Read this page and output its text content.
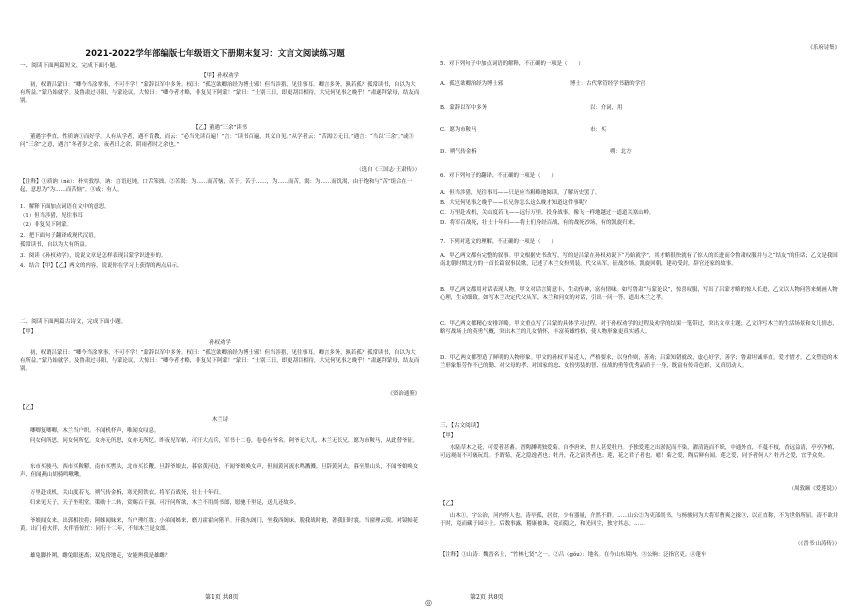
2021-2022学年部编版七年级语文下册期末复习：文言文阅读练习题

一、阅读下面两篇短文，完成下面小题。

【甲】孙权劝学

初，权谓吕蒙曰：“卿今当涂掌事，不可不学！”蒙辞以军中多务。权曰：“孤岂欲卿治经为博士邪！但当涉猎，见往事耳。卿言多务，孰若孤？孤常读书，自以为大有所益。”蒙乃始就学。及鲁肃过寻阳，与蒙论议，大惊曰：“卿今者才略，非复吴下阿蒙！”蒙曰：“士别三日，即更刮目相待，大兄何见事之晚乎！”肃遂拜蒙母，结友而别。

【乙】董遇“三余”读书

董遇字季直，性质讷①而好学。人有从学者，遇不肯教，而云：“必当先读百遍！”言：“读书百遍，其义自见。”从学者云：“苦渴②无日。”遇言：“当以‘三余’。”或③问“三余”之意，遇言“冬者岁之余，夜者日之余，阴雨者时之余也。”

（选自《三国志·王肃传》）

【注释】①质讷（nè）：朴实敦厚。讷：言语迟钝，口舌笨拙。②苦渴：为……而苦恼，苦于。苦于……，为……而苦。渴：为……而饥渴，由于饱和与“苦”组合在一起，意思为“为……而苦恼”。③或：有人。

1．解释下面加点词语在文中的意思。

（1）但当涉猎，见往事耳

（2）非复吴下阿蒙。

2．把下面句子翻译成现代汉语。

孤常读书，自以为大有所益。

3．阅读《孙权劝学》，说说文章是怎样表现吕蒙学识进步的。

4．结合【甲】【乙】两文的内容，说说你在学习上获得的两点启示。

二、阅读下面两篇古诗文，完成下面小题。

【甲】

孙权劝学

初，权谓吕蒙曰：“卿今当涂掌事，不可不学！”蒙辞以军中多务。权曰：“孤岂欲卿治经为博士邪！但当涉猎，见往事耳。卿言多务，孰若孤？孤常读书，自以为大有所益。”蒙乃始就学。及鲁肃过寻阳，与蒙论议，大惊曰：“卿今者才略，非复吴下阿蒙！”蒙曰：“士别三日，即更刮目相待，大兄何见事之晚乎！”肃遂拜蒙母，结友而别。

《资治通鉴》

【乙】

木兰诗

唧唧复唧唧，木兰当户织。不闻机杼声，唯闻女叹息。

问女何所思，问女何所忆。女亦无所思，女亦无所忆。昨夜见军帖，可汗大点兵，军书十二卷，卷卷有爷名。阿爷无大儿，木兰无长兄，愿为市鞍马，从此替爷征。

东市买骏马，西市买鞍鞯，南市买辔头，北市买长鞭。旦辞爷娘去，暮宿黄河边，不闻爷娘唤女声，但闻黄河流水鸣溅溅。旦辞黄河去，暮至黑山头，不闻爷娘唤女声，但闻燕山胡骑鸣啾啾。

万里赴戎机，关山度若飞。朔气传金柝，寒光照铁衣。将军百战死，壮士十年归。

归来见天子，天子坐明堂。策勋十二转，赏赐百千强。可汗问所欲，木兰不用尚书郎，愿驰千里足，送儿还故乡。

爷娘闻女来，出郭相扶将；阿姊闻妹来，当户理红妆；小弟闻姊来，磨刀霍霍向猪羊。开我东阁门，坐我西阁床，脱我战时袍，著我旧时裳。当窗理云鬓，对镜帖花黄。出门看火伴，火伴皆惊忙：同行十二年，不知木兰是女郎。

雄兔脚扑朔，雌兔眼迷离；双兔傍地走，安能辨我是雄雌？

第1页 共8页

《乐府诗集》

5．对下列句子中加点词语的解释，不正确的一项是（　　）

A．孤岂欲卿治经为博士邪	博士：古代掌管经学书籍的学官
B．蒙辞以军中多务	以：介词，用
C．愿为市鞍马	市：买
D．朔气传金柝	朔：北方

6．对下列句子的翻译，不正确的一项是（　　）

A．但当涉猎，见往事耳——只是应当粗略地阅读，了解历史罢了。

B．大兄何见事之晚乎——长兄你怎么这么晚才知道这件事呢？

C．万里赴戎机，关山度若飞——远行万里，投身战事，像飞一样地越过一道道关塞山岭。

D．将军百战死，壮士十年归——将士们身经百战，有的战死沙场，有的凯旋归来。

7．下列对选文的理解，不正确的一项是（　　）

A．甲乙两文都有完整的叙事。甲文根据史书改写，写的是吕蒙在孙权劝说下“乃始就学”，其才略很快就有了惊人的长进而令鲁肃叹服并与之“结友”的佳话；乙文是我国南北朝时期北方的一首长篇叙事民歌，记述了木兰女扮男装，代父从军，征战沙场，凯旋回朝，建功受封，辞官还家的故事。

B．甲乙两文都用对话表现人物。甲文对话言简意丰，生动传神，富有情味。如写鲁肃“与蒙论议”，惊喜叹服，写出了吕蒙才略的惊人长进，乙文以人物问答来刻画人物心理，生动细致。如写木兰决定代父从军，木兰和问女的对话，引出一问一答，道出木兰之孝。

C．甲乙两文都精心安排详略。甲文重点写了吕蒙的具体学习过程，对于孙权劝学的过程及劝学的结果一笔带过，突出文章主题；乙文详写木兰的生活场景和女儿情态，略写战场上的英勇气概，突出木兰的儿女情怀，丰富英雄性格，使人物形象更真实感人。

D．甲乙两文都塑造了鲜明的人物形象。甲文的孙权平易近人，严格要求，以身作则，善劝；吕蒙知错就改，虚心好学，善学；鲁肃坦诚率直，爱才惜才。乙文塑造的木兰形象集劳作不已的勤、对父母的孝、对国家的忠、女扮男装的智、征战的勇等优秀品质于一身，既富有传奇色彩，又真切动人。

三、【古文阅读】

【甲】

水陆草木之花，可爱者甚蕃。晋陶渊明独爱菊。自李唐来，世人甚爱牡丹。予独爱莲之出淤泥而不染，濯清涟而不妖，中通外直，不蔓不枝，香远益清，亭亭净植，可远观而不可亵玩焉。予谓菊，花之隐逸者也；牡丹，花之富贵者也；莲，花之君子者也。噫！菊之爱，陶后鲜有闻。莲之爱，同予者何人？牡丹之爱，宜乎众矣。

（周敦颐《爱莲说》）

【乙】

山木①，宇公治，河内怀人也。涛早孤，居贫，少有器量，介然不群。……山公②为吏部尚书，与杨骏同为大将军曹爽之掾③，以正直称，不为世俗所屈。涛不欲并于时，竟而藏于园④上。后数事露，稽康被诛，竟而隐之，和光同尘，独守其志。……

（《晋书·山涛传》）

【注释】①山涛：魏晋名士，“竹林七贤”之一。②吕（gǒu）：地名。在今山东境内。③公晌：泛指官吏。④蓬车

第2页 共8页
◎
